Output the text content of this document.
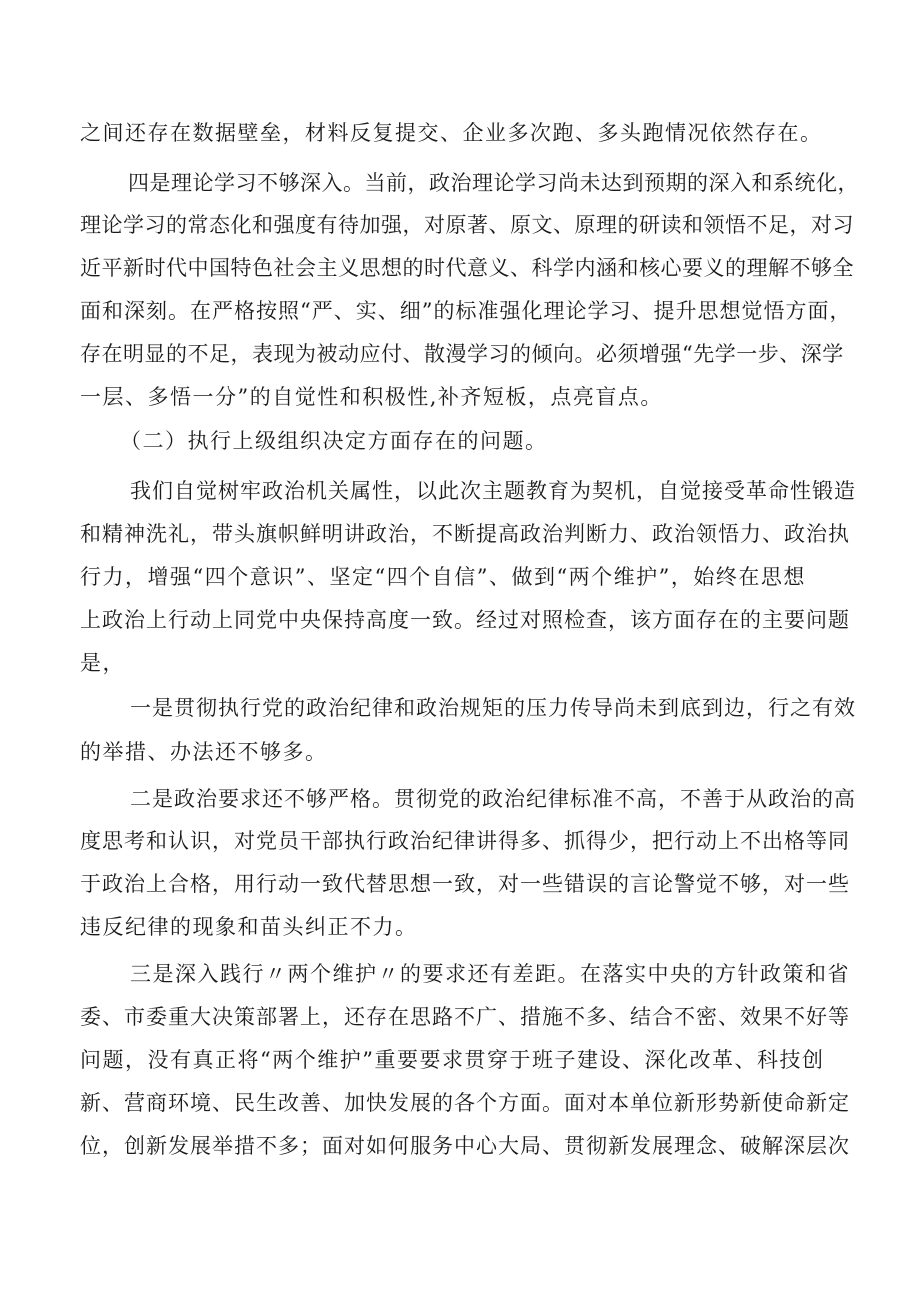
之间还存在数据壁垒，材料反复提交、企业多次跑、多头跑情况依然存在。
四是理论学习不够深入。当前，政治理论学习尚未达到预期的深入和系统化，
理论学习的常态化和强度有待加强，对原著、原文、原理的研读和领悟不足，对习
近平新时代中国特色社会主义思想的时代意义、科学内涵和核心要义的理解不够全
面和深刻。在严格按照“严、实、细”的标准强化理论学习、提升思想觉悟方面，
存在明显的不足，表现为被动应付、散漫学习的倾向。必须增强“先学一步、深学
一层、多悟一分”的自觉性和积极性,补齐短板，点亮盲点。
（二）执行上级组织决定方面存在的问题。
我们自觉树牢政治机关属性，以此次主题教育为契机，自觉接受革命性锻造
和精神洗礼，带头旗帜鲜明讲政治，不断提高政治判断力、政治领悟力、政治执
行力，增强“四个意识”、坚定“四个自信”、做到“两个维护”，始终在思想
上政治上行动上同党中央保持高度一致。经过对照检查，该方面存在的主要问题
是，
一是贯彻执行党的政治纪律和政治规矩的压力传导尚未到底到边，行之有效
的举措、办法还不够多。
二是政治要求还不够严格。贯彻党的政治纪律标准不高，不善于从政治的高
度思考和认识，对党员干部执行政治纪律讲得多、抓得少，把行动上不出格等同
于政治上合格，用行动一致代替思想一致，对一些错误的言论警觉不够，对一些
违反纪律的现象和苗头纠正不力。
三是深入践行〃两个维护〃的要求还有差距。在落实中央的方针政策和省
委、市委重大决策部署上，还存在思路不广、措施不多、结合不密、效果不好等
问题，没有真正将“两个维护”重要要求贯穿于班子建设、深化改革、科技创
新、营商环境、民生改善、加快发展的各个方面。面对本单位新形势新使命新定
位，创新发展举措不多；面对如何服务中心大局、贯彻新发展理念、破解深层次
